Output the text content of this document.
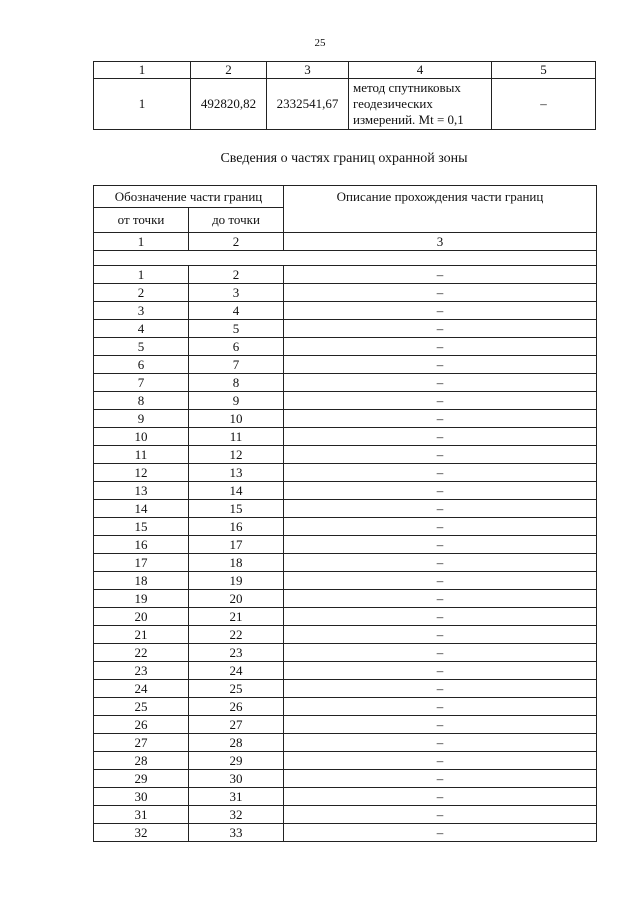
25
1	2	3	4	5
1	492820,82	2332541,67	метод спутниковых
геодезических
измерений. Mt = 0,1	–
Сведения о частях границ охранной зоны
Обозначение части границ		Описание прохождения части границ
от точки	до точки	
1	2	3

1	2	–
2	3	–
3	4	–
4	5	–
5	6	–
6	7	–
7	8	–
8	9	–
9	10	–
10	11	–
11	12	–
12	13	–
13	14	–
14	15	–
15	16	–
16	17	–
17	18	–
18	19	–
19	20	–
20	21	–
21	22	–
22	23	–
23	24	–
24	25	–
25	26	–
26	27	–
27	28	–
28	29	–
29	30	–
30	31	–
31	32	–
32	33	–
